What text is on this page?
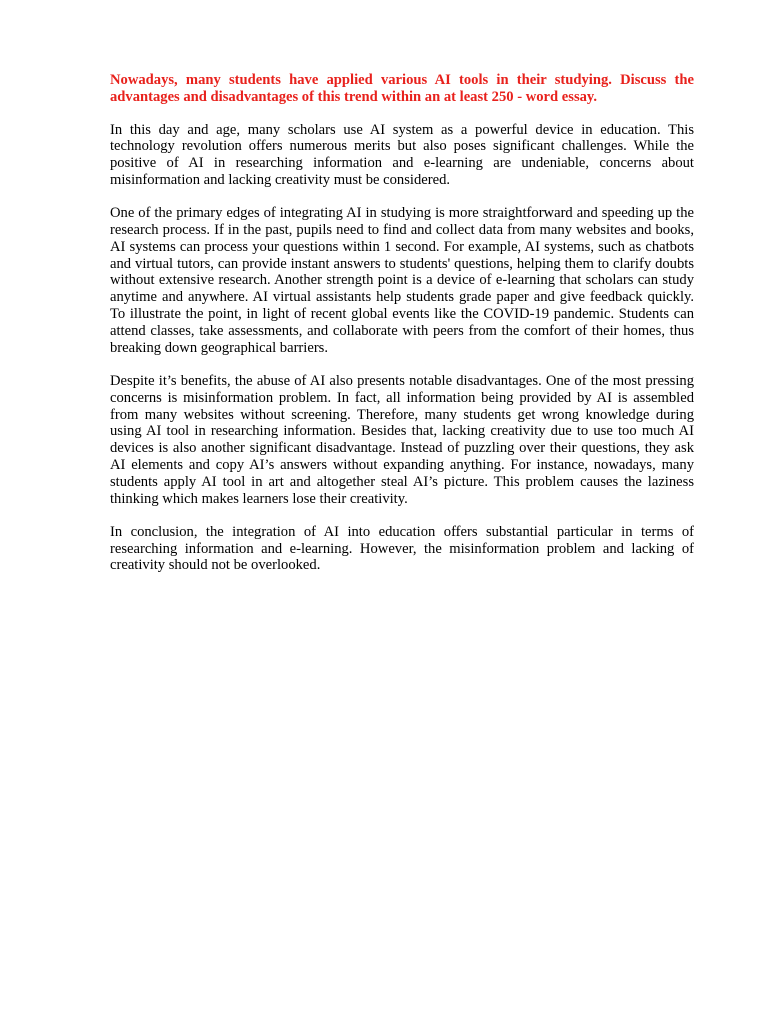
Nowadays, many students have applied various AI tools in their studying. Discuss the advantages and disadvantages of this trend within an at least 250 - word essay.

In this day and age, many scholars use AI system as a powerful device in education. This technology revolution offers numerous merits but also poses significant challenges. While the positive of AI in researching information and e-learning are undeniable, concerns about misinformation and lacking creativity must be considered.

One of the primary edges of integrating AI in studying is more straightforward and speeding up the research process. If in the past, pupils need to find and collect data from many websites and books, AI systems can process your questions within 1 second. For example, AI systems, such as chatbots and virtual tutors, can provide instant answers to students' questions, helping them to clarify doubts without extensive research. Another strength point is a device of e-learning that scholars can study anytime and anywhere. AI virtual assistants help students grade paper and give feedback quickly. To illustrate the point, in light of recent global events like the COVID-19 pandemic. Students can attend classes, take assessments, and collaborate with peers from the comfort of their homes, thus breaking down geographical barriers.

Despite it’s benefits, the abuse of AI also presents notable disadvantages. One of the most pressing concerns is misinformation problem. In fact, all information being provided by AI is assembled from many websites without screening. Therefore, many students get wrong knowledge during using AI tool in researching information. Besides that, lacking creativity due to use too much AI devices is also another significant disadvantage. Instead of puzzling over their questions, they ask AI elements and copy AI’s answers without expanding anything. For instance, nowadays, many students apply AI tool in art and altogether steal AI’s picture. This problem causes the laziness thinking which makes learners lose their creativity.

In conclusion, the integration of AI into education offers substantial particular in terms of researching information and e-learning. However, the misinformation problem and lacking of creativity should not be overlooked.
